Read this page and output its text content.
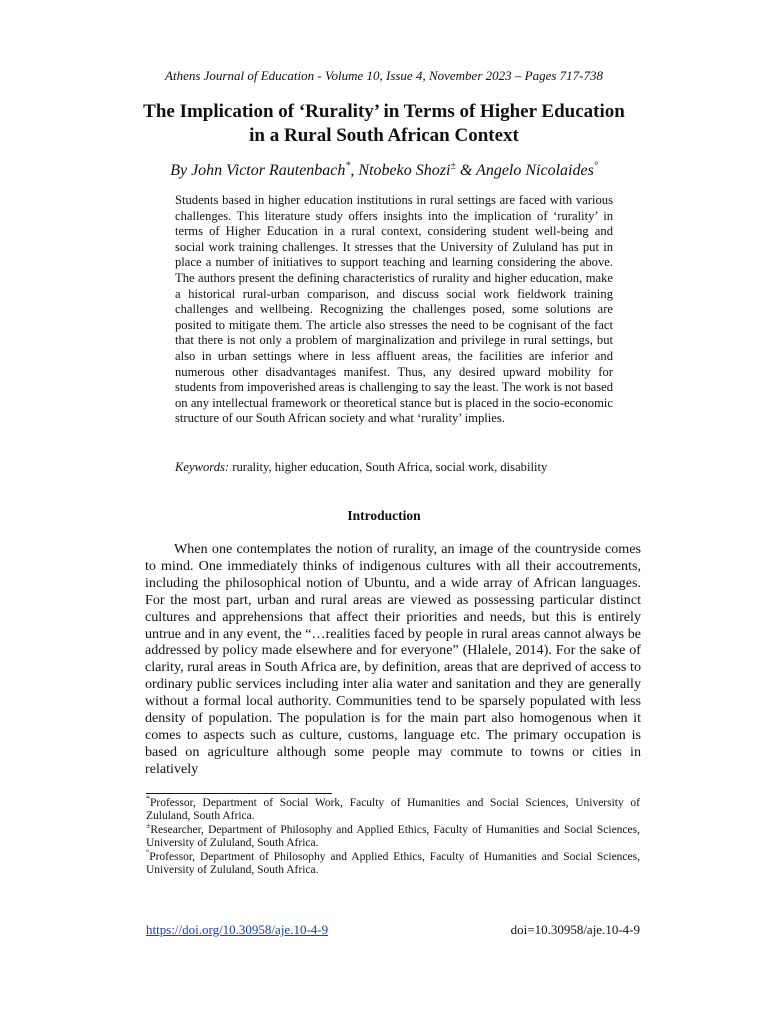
Athens Journal of Education - Volume 10, Issue 4, November 2023 – Pages 717-738
The Implication of ‘Rurality’ in Terms of Higher Education in a Rural South African Context
By John Victor Rautenbach*, Ntobeko Shozi± & Angelo Nicolaides°

Students based in higher education institutions in rural settings are faced with various challenges. This literature study offers insights into the implication of ‘rurality’ in terms of Higher Education in a rural context, considering student well-being and social work training challenges. It stresses that the University of Zululand has put in place a number of initiatives to support teaching and learning considering the above. The authors present the defining characteristics of rurality and higher education, make a historical rural-urban comparison, and discuss social work fieldwork training challenges and wellbeing. Recognizing the challenges posed, some solutions are posited to mitigate them. The article also stresses the need to be cognisant of the fact that there is not only a problem of marginalization and privilege in rural settings, but also in urban settings where in less affluent areas, the facilities are inferior and numerous other disadvantages manifest. Thus, any desired upward mobility for students from impoverished areas is challenging to say the least. The work is not based on any intellectual framework or theoretical stance but is placed in the socio-economic structure of our South African society and what ‘rurality’ implies.

Keywords: rurality, higher education, South Africa, social work, disability
Introduction

When one contemplates the notion of rurality, an image of the countryside comes to mind. One immediately thinks of indigenous cultures with all their accoutrements, including the philosophical notion of Ubuntu, and a wide array of African languages. For the most part, urban and rural areas are viewed as possessing particular distinct cultures and apprehensions that affect their priorities and needs, but this is entirely untrue and in any event, the “…realities faced by people in rural areas cannot always be addressed by policy made elsewhere and for everyone” (Hlalele, 2014). For the sake of clarity, rural areas in South Africa are, by definition, areas that are deprived of access to ordinary public services including inter alia water and sanitation and they are generally without a formal local authority. Communities tend to be sparsely populated with less density of population. The population is for the main part also homogenous when it comes to aspects such as culture, customs, language etc. The primary occupation is based on agriculture although some people may commute to towns or cities in relatively

*Professor, Department of Social Work, Faculty of Humanities and Social Sciences, University of Zululand, South Africa.

±Researcher, Department of Philosophy and Applied Ethics, Faculty of Humanities and Social Sciences, University of Zululand, South Africa.

°Professor, Department of Philosophy and Applied Ethics, Faculty of Humanities and Social Sciences, University of Zululand, South Africa.

https://doi.org/10.30958/aje.10-4-9	doi=10.30958/aje.10-4-9
